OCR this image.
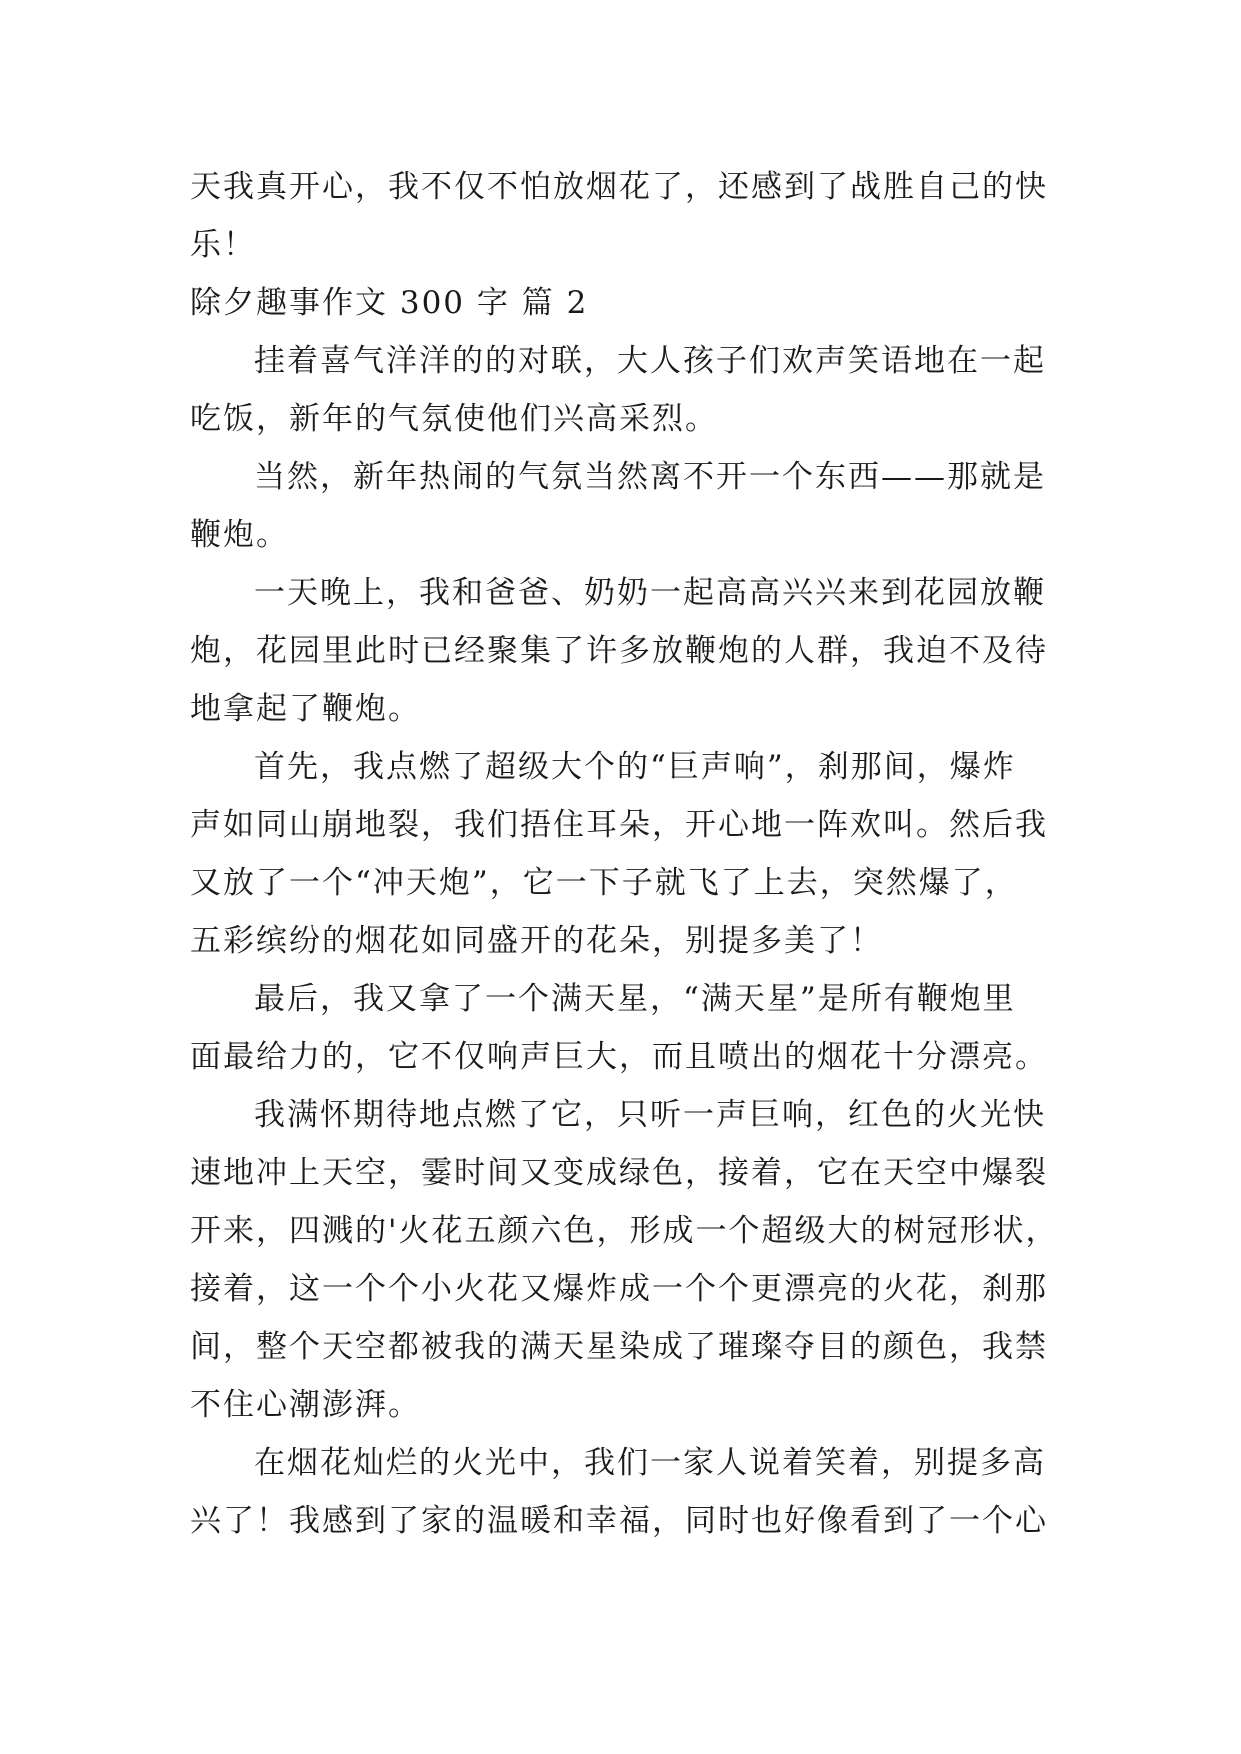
天我真开心，我不仅不怕放烟花了，还感到了战胜自己的快
乐！
除夕趣事作文 300 字 篇 2
挂着喜气洋洋的的对联，大人孩子们欢声笑语地在一起
吃饭，新年的气氛使他们兴高采烈。
当然，新年热闹的气氛当然离不开一个东西——那就是
鞭炮。
一天晚上，我和爸爸、奶奶一起高高兴兴来到花园放鞭
炮，花园里此时已经聚集了许多放鞭炮的人群，我迫不及待
地拿起了鞭炮。
首先，我点燃了超级大个的“巨声响”，刹那间，爆炸
声如同山崩地裂，我们捂住耳朵，开心地一阵欢叫。然后我
又放了一个“冲天炮”，它一下子就飞了上去，突然爆了，
五彩缤纷的烟花如同盛开的花朵，别提多美了！
最后，我又拿了一个满天星，“满天星”是所有鞭炮里
面最给力的，它不仅响声巨大，而且喷出的烟花十分漂亮。
我满怀期待地点燃了它，只听一声巨响，红色的火光快
速地冲上天空，霎时间又变成绿色，接着，它在天空中爆裂
开来，四溅的'火花五颜六色，形成一个超级大的树冠形状，
接着，这一个个小火花又爆炸成一个个更漂亮的火花，刹那
间，整个天空都被我的满天星染成了璀璨夺目的颜色，我禁
不住心潮澎湃。
在烟花灿烂的火光中，我们一家人说着笑着，别提多高
兴了！我感到了家的温暖和幸福，同时也好像看到了一个心
